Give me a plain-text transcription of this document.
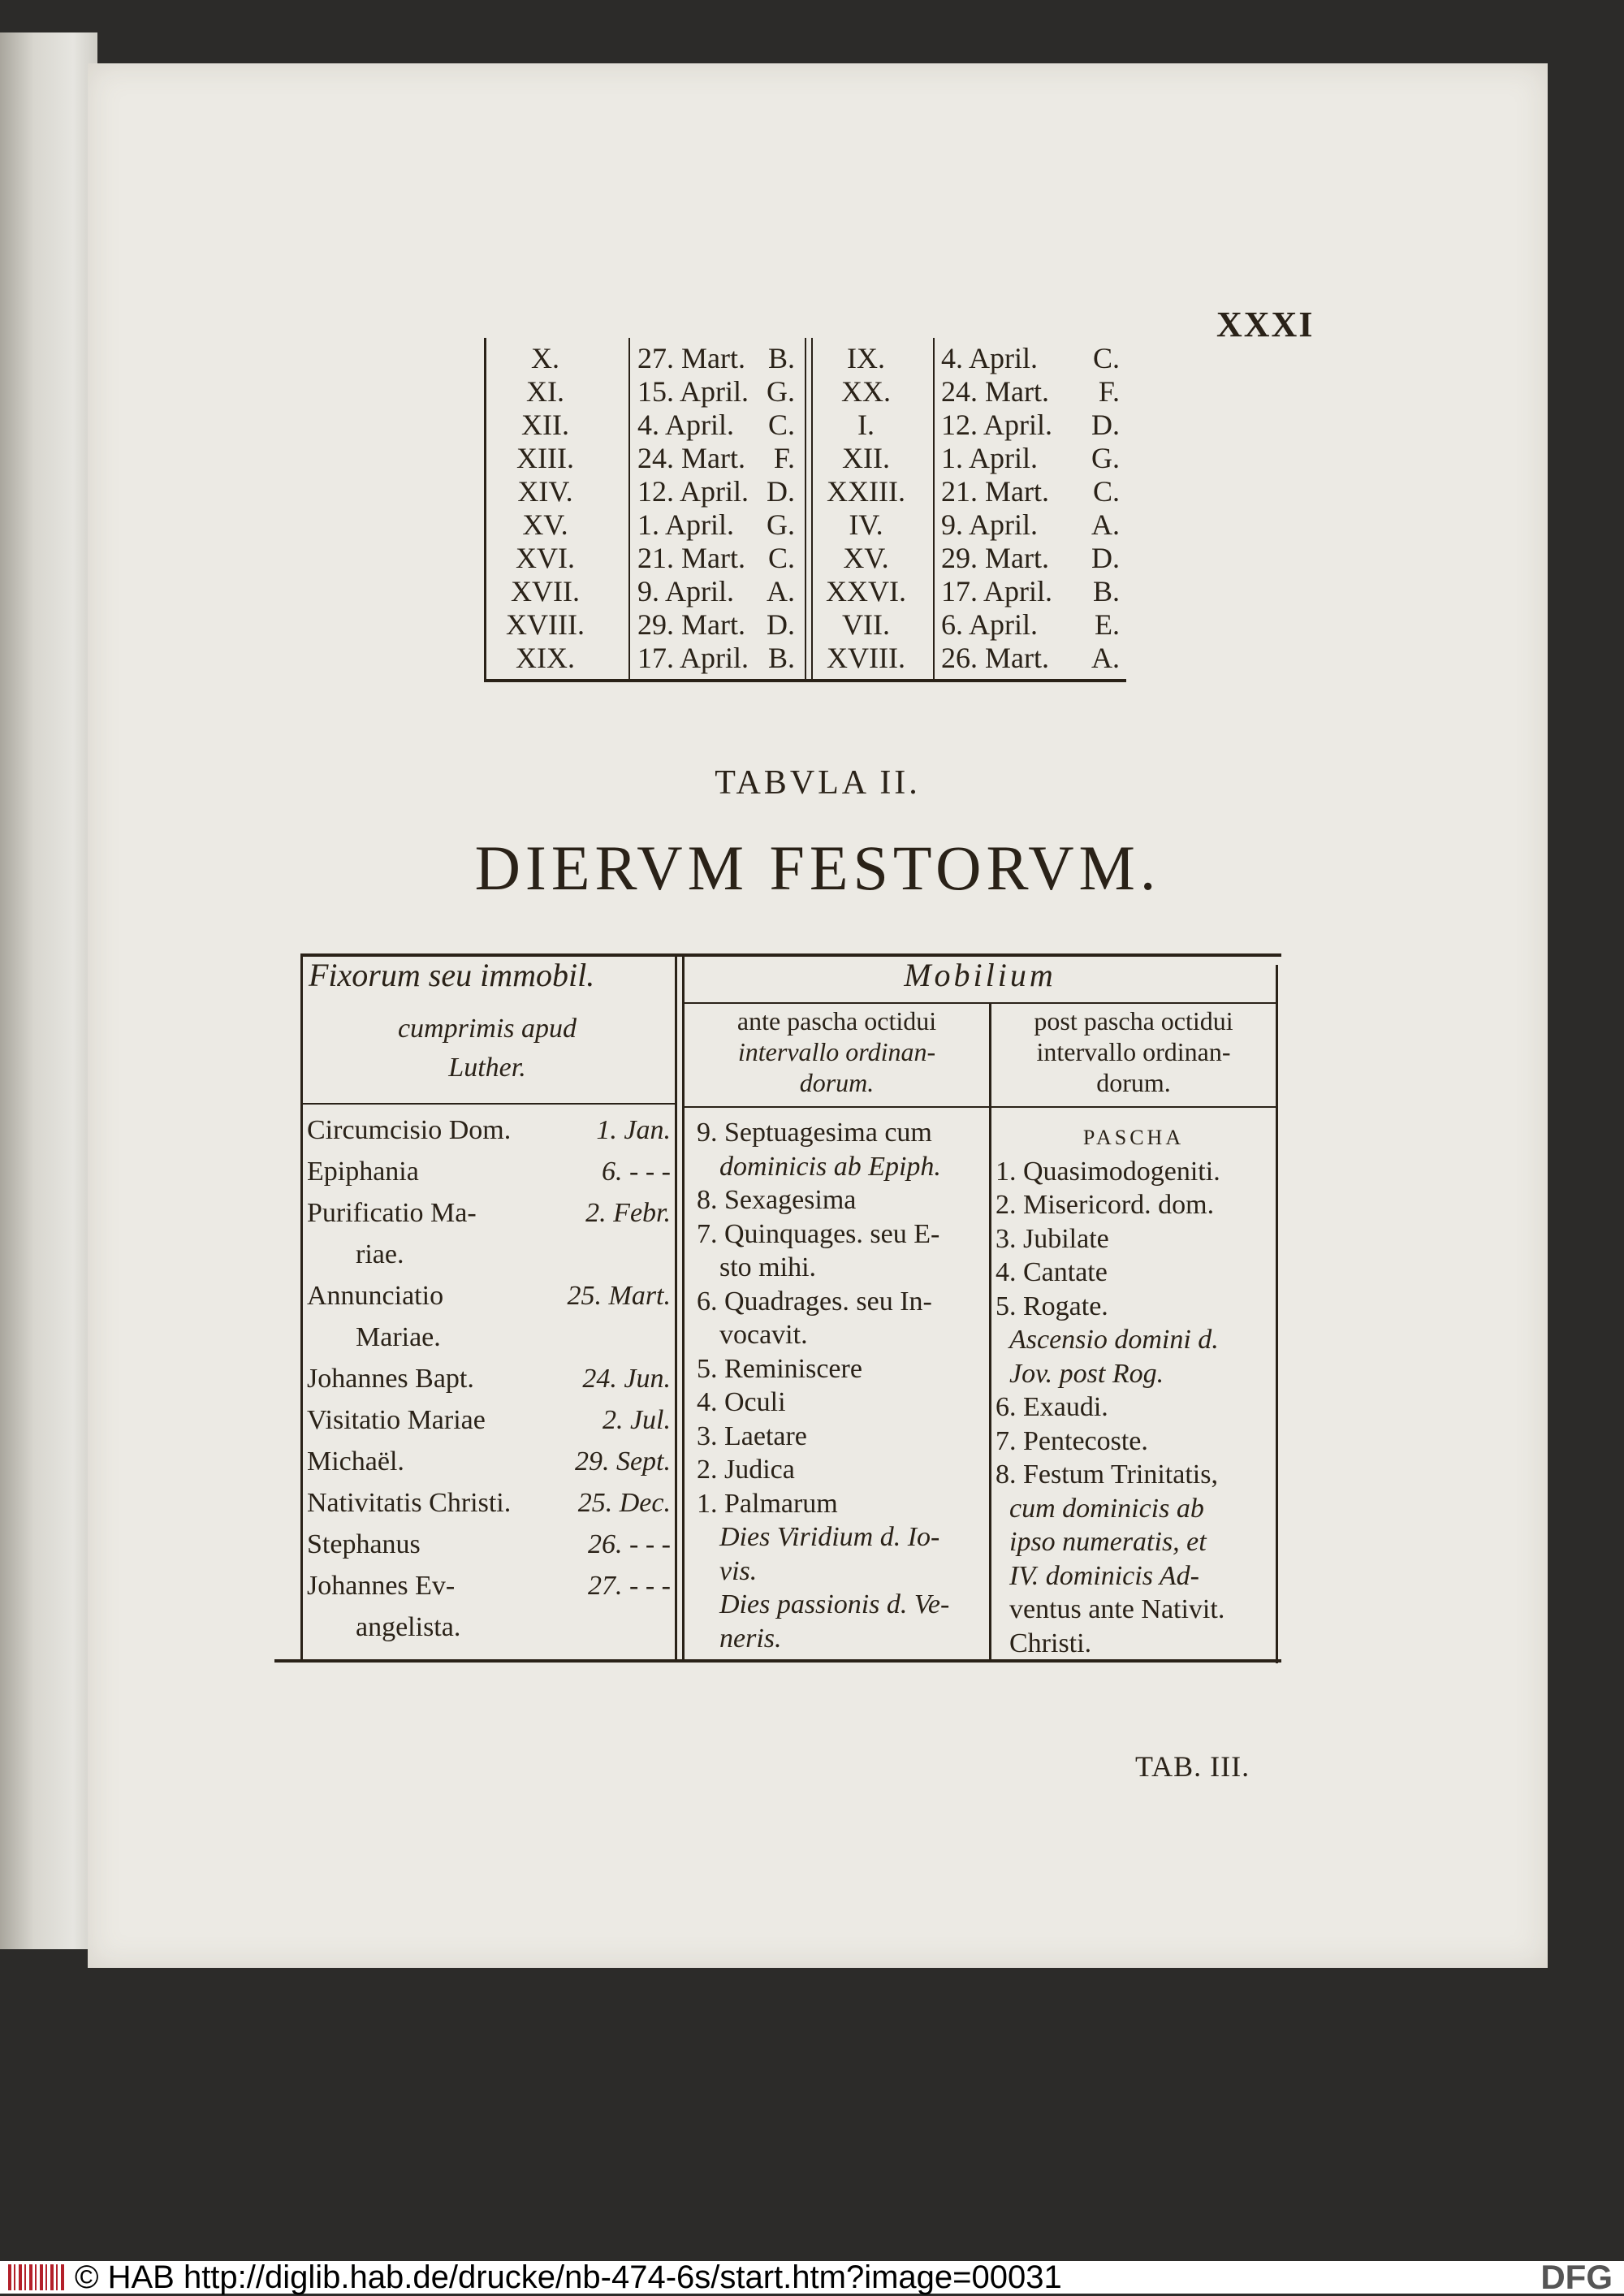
XXXI
X.	27. Mart. B.	IX.	4. April.	C.
XI.	15. April. G.	XX.	24. Mart.	F.
XII.	4. April.	C.	I.	12. April.	D.
XIII.	24. Mart. F.	XII.	1. April.	G.
XIV.	12. April. D.	XXIII.	21. Mart.	C.
XV.	1. April.	G.	IV.	9. April.	A.
XVI.	21. Mart. C.	XV.	29. Mart.	D.
XVII.	9. April.	A.	XXVI.	17. April.	B.
XVIII.	29. Mart. D.	VII.	6. April.	E.
XIX.	17. April. B.	XVIII.	26. Mart.	A.
TABVLA II.
DIERVM FESTORVM.
Fixorum seu immobil.
cumprimis apud
Luther.
Mobilium
ante pascha octidui
intervallo ordinan-
dorum.
post pascha octidui
intervallo ordinan-
dorum.
Circumcisio Dom.	1. Jan.
Epiphania	6. - - -
Purificatio Ma-	2. Febr.
riae.
Annunciatio	25. Mart.
Mariae.
Johannes Bapt.	24. Jun.
Visitatio Mariae	2. Jul.
Michaël.	29. Sept.
Nativitatis Christi.	25. Dec.
Stephanus	26. - - -
Johannes Ev-	27. - - -
angelista.
9. Septuagesima cum
dominicis ab Epiph.
8. Sexagesima
7. Quinquages. seu E-
sto mihi.
6. Quadrages. seu In-
vocavit.
5. Reminiscere
4. Oculi
3. Laetare
2. Judica
1. Palmarum
Dies Viridium d. Io-
vis.
Dies passionis d. Ve-
neris.
PASCHA
1. Quasimodogeniti.
2. Misericord. dom.
3. Jubilate
4. Cantate
5. Rogate.
Ascensio domini d.
Jov. post Rog.
6. Exaudi.
7. Pentecoste.
8. Festum Trinitatis,
cum dominicis ab
ipso numeratis, et
IV. dominicis Ad-
ventus ante Nativit.
Christi.
TAB. III.
© HAB http://diglib.hab.de/drucke/nb-474-6s/start.htm?image=00031	DFG
